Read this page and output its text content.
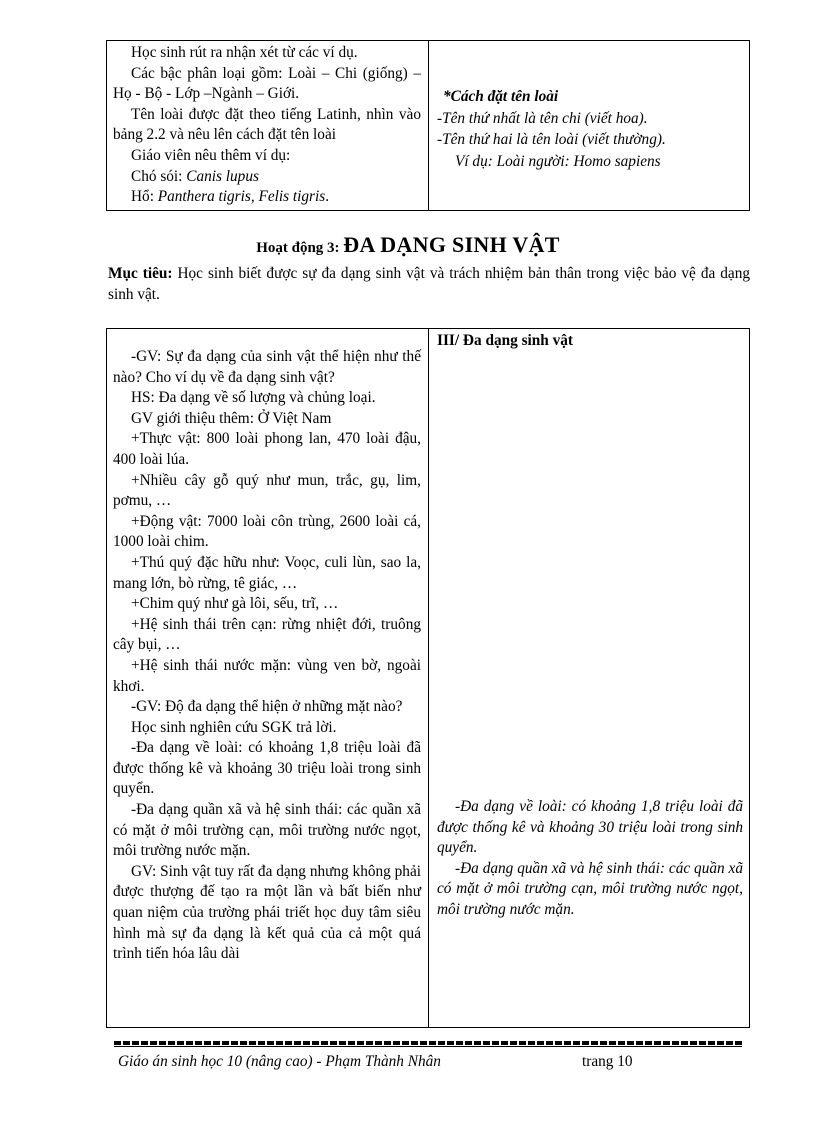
Học sinh rút ra nhận xét từ các ví dụ.

Các bậc phân loại gồm: Loài – Chi (giống) – Họ - Bộ - Lớp –Ngành – Giới.

Tên loài được đặt theo tiếng Latinh, nhìn vào bảng 2.2 và nêu lên cách đặt tên loài

Giáo viên nêu thêm ví dụ:

Chó sói: Canis lupus

Hổ: Panthera tigris, Felis tigris.

*Cách đặt tên loài

-Tên thứ nhất là tên chi (viết hoa).

-Tên thứ hai là tên loài (viết thường).

Ví dụ: Loài người: Homo sapiens

Hoạt động 3: ĐA DẠNG SINH VẬT
Mục tiêu: Học sinh biết được sự đa dạng sinh vật và trách nhiệm bản thân trong việc bảo vệ đa dạng sinh vật.

-GV: Sự đa dạng của sinh vật thể hiện như thế nào? Cho ví dụ về đa dạng sinh vật?

HS: Đa dạng về số lượng và chủng loại.

GV giới thiệu thêm: Ở Việt Nam

+Thực vật: 800 loài phong lan, 470 loài đậu, 400 loài lúa.

+Nhiều cây gỗ quý như mun, trắc, gụ, lim, pơmu, …

+Động vật: 7000 loài côn trùng, 2600 loài cá, 1000 loài chim.

+Thú quý đặc hữu như: Voọc, culi lùn, sao la, mang lớn, bò rừng, tê giác, …

+Chim quý như gà lôi, sếu, trĩ, …

+Hệ sinh thái trên cạn: rừng nhiệt đới, truông cây bụi, …

+Hệ sinh thái nước mặn: vùng ven bờ, ngoài khơi.

-GV: Độ đa dạng thể hiện ở những mặt nào?

Học sinh nghiên cứu SGK trả lời.

-Đa dạng về loài: có khoảng 1,8 triệu loài đã được thống kê và khoảng 30 triệu loài trong sinh quyển.

-Đa dạng quần xã và hệ sinh thái: các quần xã có mặt ở môi trường cạn, môi trường nước ngọt, môi trường nước mặn.

GV: Sinh vật tuy rất đa dạng nhưng không phải được thượng đế tạo ra một lần và bất biến như quan niệm của trường phái triết học duy tâm siêu hình mà sự đa dạng là kết quả của cả một quá trình tiến hóa lâu dài

III/ Đa dạng sinh vật

-Đa dạng về loài: có khoảng 1,8 triệu loài đã được thống kê và khoảng 30 triệu loài trong sinh quyển.

-Đa dạng quần xã và hệ sinh thái: các quần xã có mặt ở môi trường cạn, môi trường nước ngọt, môi trường nước mặn.

Giáo án sinh học 10 (nâng cao) - Phạm Thành Nhân	trang 10
